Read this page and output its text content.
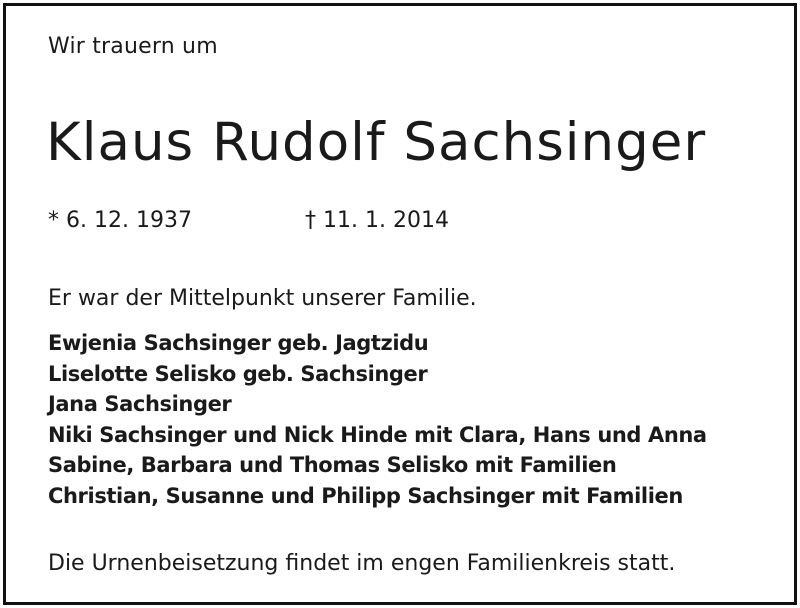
Wir trauern um
Klaus Rudolf Sachsinger
* 6. 12. 1937	† 11. 1. 2014
Er war der Mittelpunkt unserer Familie.
Ewjenia Sachsinger geb. Jagtzidu
Liselotte Selisko geb. Sachsinger
Jana Sachsinger
Niki Sachsinger und Nick Hinde mit Clara, Hans und Anna
Sabine, Barbara und Thomas Selisko mit Familien
Christian, Susanne und Philipp Sachsinger mit Familien
Die Urnenbeisetzung findet im engen Familienkreis statt.
